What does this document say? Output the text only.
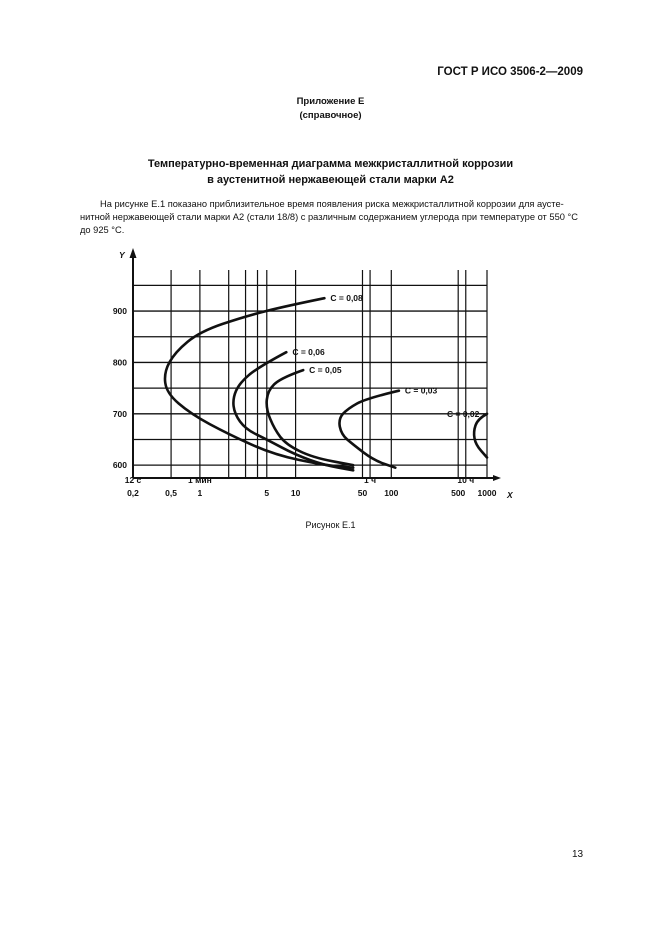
ГОСТ Р ИСО 3506-2—2009
Приложение Е
(справочное)
Температурно-временная диаграмма межкристаллитной коррозии
в аустенитной нержавеющей стали марки А2
На рисунке Е.1 показано приблизительное время появления риска межкристаллитной коррозии для аусте-
нитной нержавеющей стали марки А2 (стали 18/8) с различным содержанием углерода при температуре от 550 °С
до 925 °С.
Y
X
600
700
800
900
0,2	0,5 1	5	10	50 100	500 1000
12 с	1 мин	1 ч	10 ч
C = 0,08
C = 0,06
C = 0,05
C = 0,03
C = 0,02
Рисунок Е.1
13
